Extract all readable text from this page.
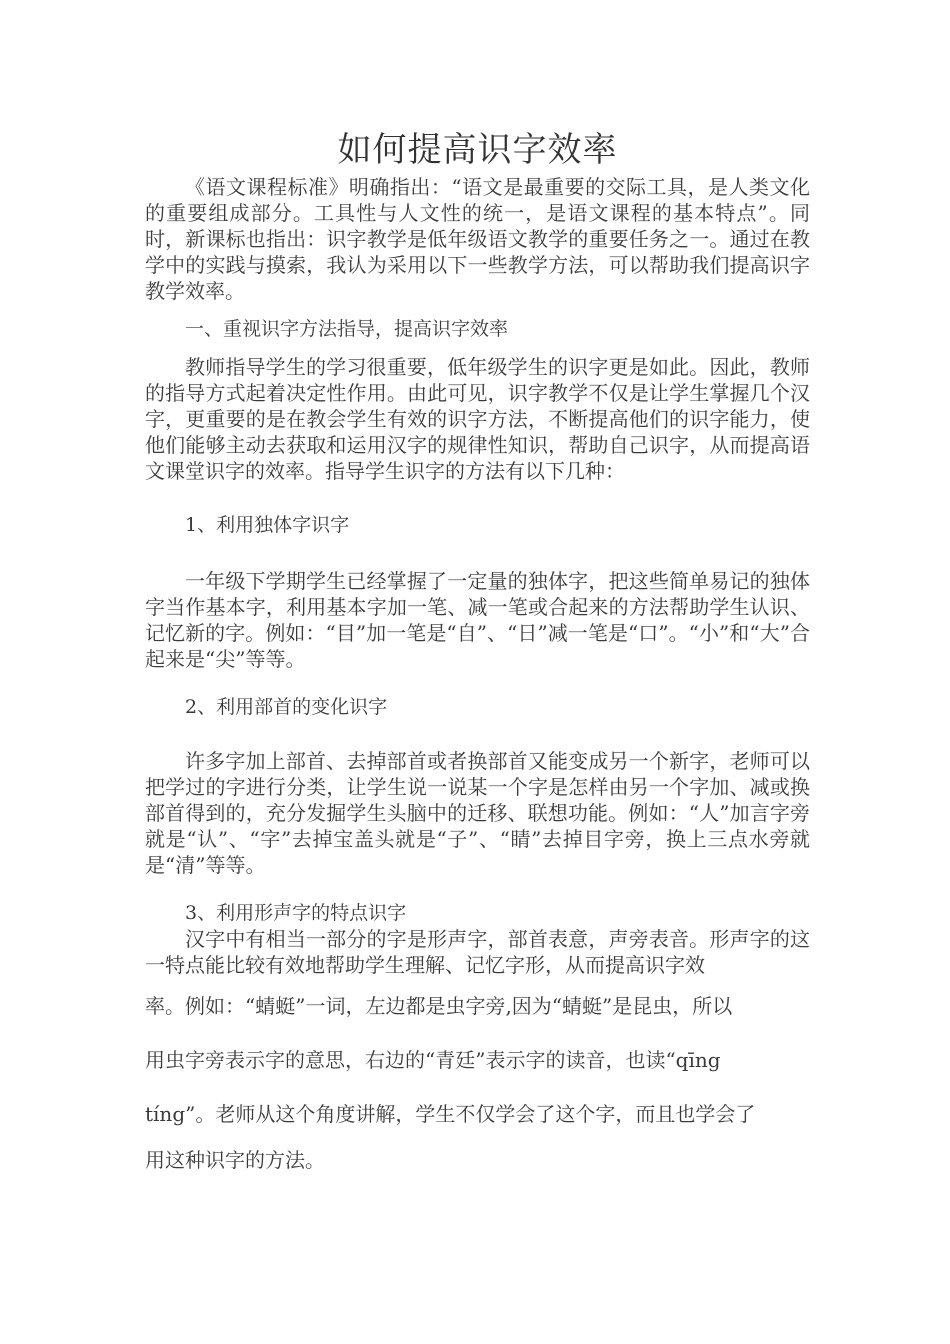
如何提高识字效率

《语文课程标准》明确指出：“语文是最重要的交际工具，是人类文化的重要组成部分。工具性与人文性的统一，是语文课程的基本特点”。同时，新课标也指出：识字教学是低年级语文教学的重要任务之一。通过在教学中的实践与摸索，我认为采用以下一些教学方法，可以帮助我们提高识字教学效率。

一、重视识字方法指导，提高识字效率

教师指导学生的学习很重要，低年级学生的识字更是如此。因此，教师的指导方式起着决定性作用。由此可见，识字教学不仅是让学生掌握几个汉字，更重要的是在教会学生有效的识字方法，不断提高他们的识字能力，使他们能够主动去获取和运用汉字的规律性知识，帮助自己识字，从而提高语文课堂识字的效率。指导学生识字的方法有以下几种：

1、利用独体字识字

一年级下学期学生已经掌握了一定量的独体字，把这些简单易记的独体字当作基本字，利用基本字加一笔、减一笔或合起来的方法帮助学生认识、记忆新的字。例如：“目”加一笔是“自”、“日”减一笔是“口”。“小”和“大”合起来是“尖”等等。

2、利用部首的变化识字

许多字加上部首、去掉部首或者换部首又能变成另一个新字，老师可以把学过的字进行分类，让学生说一说某一个字是怎样由另一个字加、减或换部首得到的，充分发掘学生头脑中的迁移、联想功能。例如：“人”加言字旁就是“认”、“字”去掉宝盖头就是“子”、“睛”去掉目字旁，换上三点水旁就是“清”等等。

3、利用形声字的特点识字

汉字中有相当一部分的字是形声字，部首表意，声旁表音。形声字的这一特点能比较有效地帮助学生理解、记忆字形，从而提高识字效

率。例如：“蜻蜓”一词，左边都是虫字旁,因为“蜻蜓”是昆虫，所以

用虫字旁表示字的意思，右边的“青廷”表示字的读音，也读“qīng

tíng”。老师从这个角度讲解，学生不仅学会了这个字，而且也学会了

用这种识字的方法。
